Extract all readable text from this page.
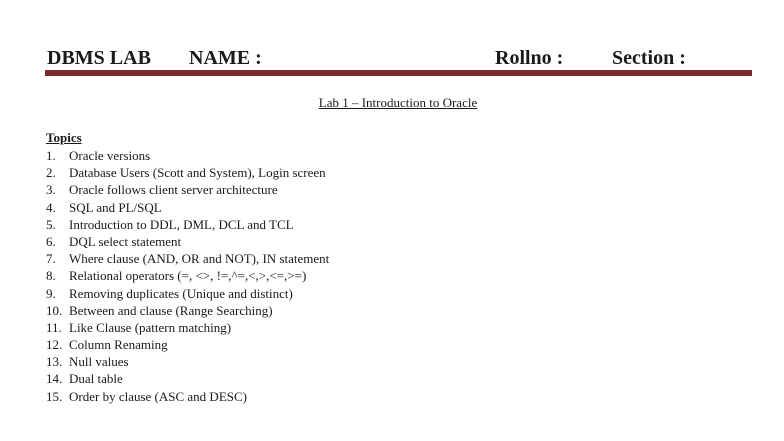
DBMS LAB NAME :	Rollno : Section :
Lab 1 – Introduction to Oracle
Topics
1. Oracle versions
2. Database Users (Scott and System), Login screen
3. Oracle follows client server architecture
4. SQL and PL/SQL
5. Introduction to DDL, DML, DCL and TCL
6. DQL select statement
7. Where clause (AND, OR and NOT), IN statement
8. Relational operators (=, <>, !=,^=,<,>,<=,>=)
9. Removing duplicates (Unique and distinct)
10. Between and clause (Range Searching)
11. Like Clause (pattern matching)
12. Column Renaming
13. Null values
14. Dual table
15. Order by clause (ASC and DESC)
